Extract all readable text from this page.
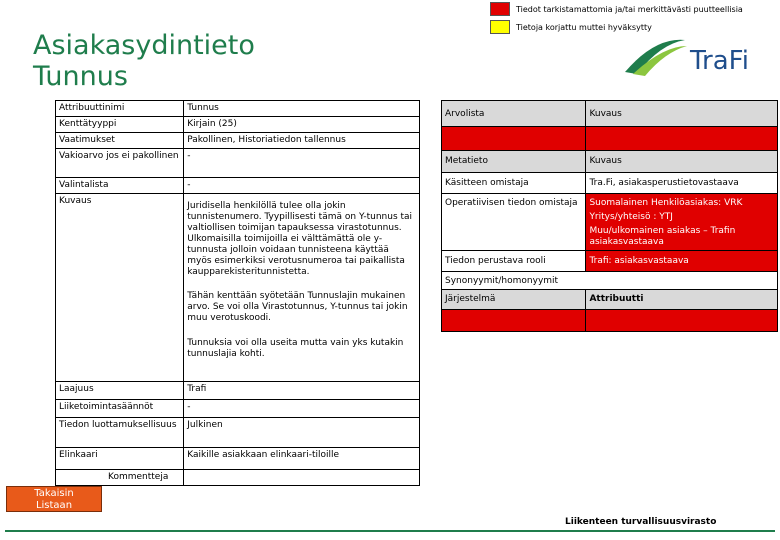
Asiakasydintieto
Tunnus
Tiedot tarkistamattomia ja/tai merkittävästi puutteellisia
Tietoja korjattu muttei hyväksytty
TraFi
Attribuuttinimi	Tunnus
Kenttätyyppi	Kirjain (25)
Vaatimukset	Pakollinen, Historiatiedon tallennus
Vakioarvo jos ei pakollinen	-
Valintalista	-
Kuvaus	Juridisella henkilöllä tulee olla jokin tunnistenumero. Tyypillisesti tämä on Y-tunnus tai valtiollisen toimijan tapauksessa virastotunnus. Ulkomaisilla toimijoilla ei välttämättä ole y-tunnusta jolloin voidaan tunnisteena käyttää myös esimerkiksi verotusnumeroa tai paikallista kaupparekisteritunnistetta.
Tähän kenttään syötetään Tunnuslajin mukainen arvo. Se voi olla Virastotunnus, Y-tunnus tai jokin muu verotuskoodi.
Tunnuksia voi olla useita mutta vain yks kutakin tunnuslajia kohti.

Laajuus	Trafi
Liiketoimintasäännöt	-
Tiedon luottamuksellisuus	Julkinen
Elinkaari	Kaikille asiakkaan elinkaari-tiloille
Kommentteja	
Arvolista	Kuvaus

Metatieto	Kuvaus
Käsitteen omistaja	Tra.Fi, asiakasperustietovastaava
Operatiivisen tiedon omistaja	Suomalainen Henkilöasiakas: VRK
Yritys/yhteisö : YTJ
Muu/ulkomainen asiakas – Trafin asiakasvastaava

Tiedon perustava rooli	Trafi: asiakasvastaava
Synonyymit/homonyymit	
Järjestelmä	Attribuutti

Takaisin
Listaan
Liikenteen turvallisuusvirasto
